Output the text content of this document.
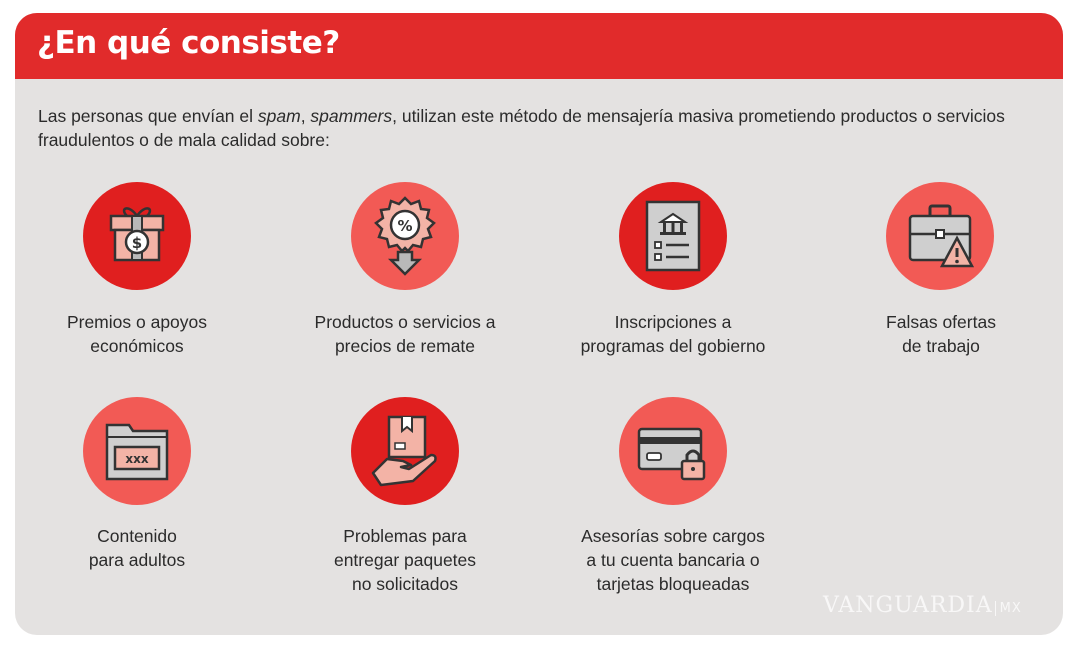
¿En qué consiste?
Las personas que envían el spam, spammers, utilizan este método de mensajería masiva prometiendo productos o servicios fraudulentos o de mala calidad sobre:
$
Premios o apoyos
económicos
%
Productos o servicios a
precios de remate
Inscripciones a
programas del gobierno
Falsas ofertas
de trabajo
xxx
Contenido
para adultos
Problemas para
entregar paquetes
no solicitados
Asesorías sobre cargos
a tu cuenta bancaria o
tarjetas bloqueadas
VANGUARDIA MX
